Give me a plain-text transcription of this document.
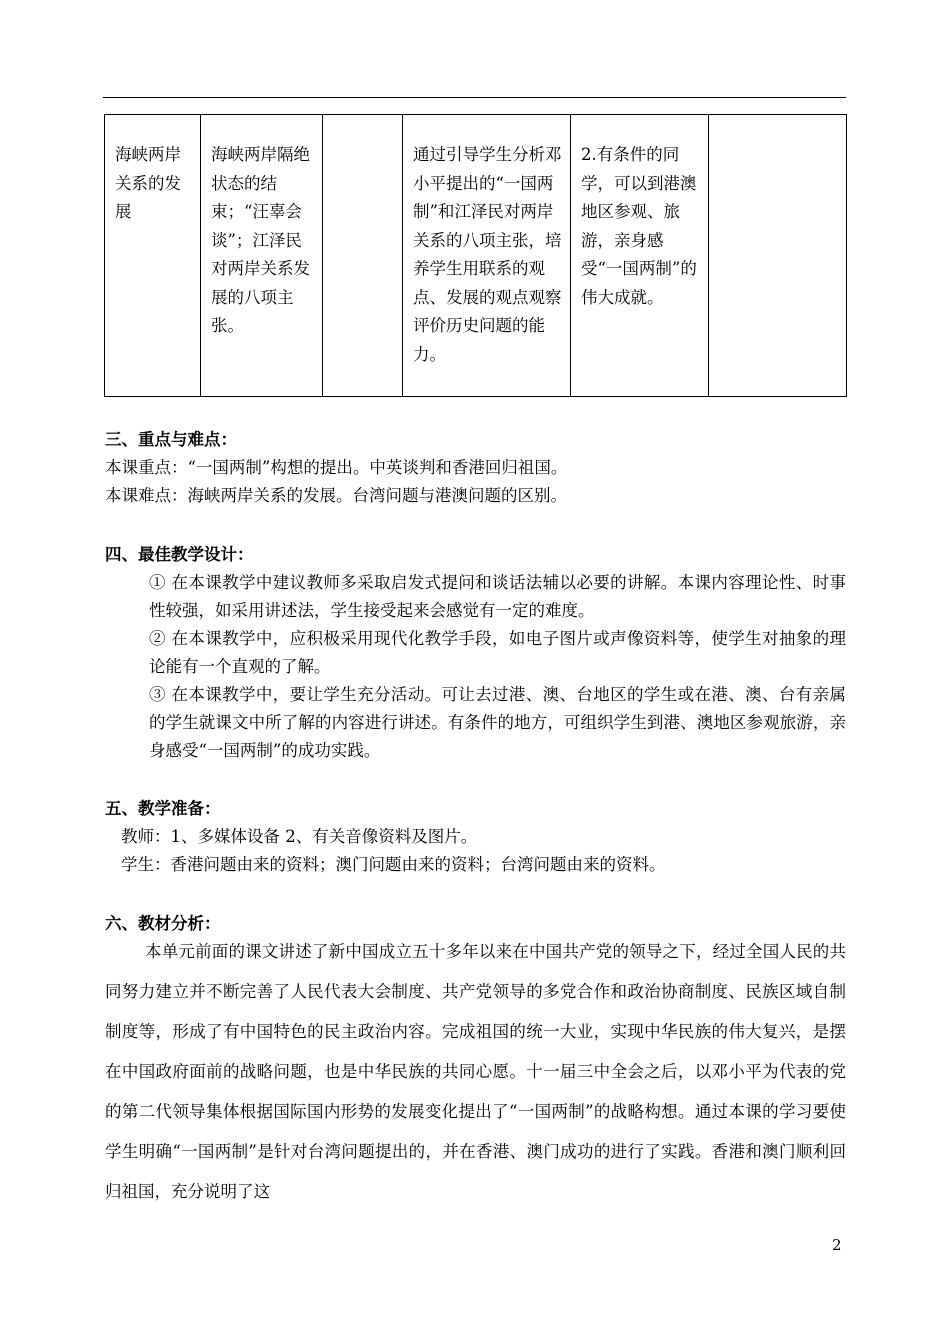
海峡两岸关系的发展	海峡两岸隔绝状态的结束；“汪辜会谈”；江泽民对两岸关系发展的八项主张。		通过引导学生分析邓小平提出的“一国两制”和江泽民对两岸关系的八项主张，培养学生用联系的观点、发展的观点观察评价历史问题的能力。	2.有条件的同学，可以到港澳地区参观、旅游，亲身感受“一国两制”的伟大成就。	
三、重点与难点：
本课重点：“一国两制”构想的提出。中英谈判和香港回归祖国。
本课难点：海峡两岸关系的发展。台湾问题与港澳问题的区别。
四、最佳教学设计：
① 在本课教学中建议教师多采取启发式提问和谈话法辅以必要的讲解。本课内容理论性、时事性较强，如采用讲述法，学生接受起来会感觉有一定的难度。
② 在本课教学中，应积极采用现代化教学手段，如电子图片或声像资料等，使学生对抽象的理论能有一个直观的了解。
③ 在本课教学中，要让学生充分活动。可让去过港、澳、台地区的学生或在港、澳、台有亲属的学生就课文中所了解的内容进行讲述。有条件的地方，可组织学生到港、澳地区参观旅游，亲身感受“一国两制”的成功实践。
五、教学准备：
教师：1、多媒体设备 2、有关音像资料及图片。
学生：香港问题由来的资料；澳门问题由来的资料；台湾问题由来的资料。
六、教材分析：
本单元前面的课文讲述了新中国成立五十多年以来在中国共产党的领导之下，经过全国人民的共同努力建立并不断完善了人民代表大会制度、共产党领导的多党合作和政治协商制度、民族区域自制制度等，形成了有中国特色的民主政治内容。完成祖国的统一大业，实现中华民族的伟大复兴，是摆在中国政府面前的战略问题，也是中华民族的共同心愿。十一届三中全会之后，以邓小平为代表的党的第二代领导集体根据国际国内形势的发展变化提出了“一国两制”的战略构想。通过本课的学习要使学生明确“一国两制”是针对台湾问题提出的，并在香港、澳门成功的进行了实践。香港和澳门顺利回归祖国，充分说明了这
2
